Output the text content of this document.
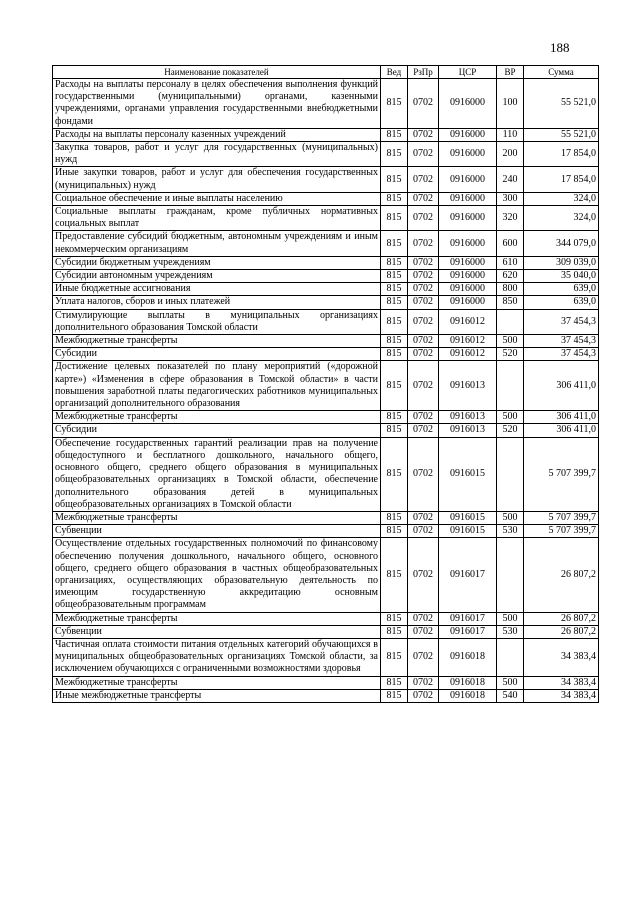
188
Наименование показателей	Вед	РзПр	ЦСР	ВР	Сумма
Расходы на выплаты персоналу в целях обеспечения выполнения функций государственными (муниципальными) органами, казенными учреждениями, органами управления государственными внебюджетными фондами	815	0702	0916000	100	55 521,0
Расходы на выплаты персоналу казенных учреждений	815	0702	0916000	110	55 521,0
Закупка товаров, работ и услуг для государственных (муниципальных) нужд	815	0702	0916000	200	17 854,0
Иные закупки товаров, работ и услуг для обеспечения государственных (муниципальных) нужд	815	0702	0916000	240	17 854,0
Социальное обеспечение и иные выплаты населению	815	0702	0916000	300	324,0
Социальные выплаты гражданам, кроме публичных нормативных социальных выплат	815	0702	0916000	320	324,0
Предоставление субсидий бюджетным, автономным учреждениям и иным некоммерческим организациям	815	0702	0916000	600	344 079,0
Субсидии бюджетным учреждениям	815	0702	0916000	610	309 039,0
Субсидии автономным учреждениям	815	0702	0916000	620	35 040,0
Иные бюджетные ассигнования	815	0702	0916000	800	639,0
Уплата налогов, сборов и иных платежей	815	0702	0916000	850	639,0
Стимулирующие выплаты в муниципальных организациях дополнительного образования Томской области	815	0702	0916012		37 454,3
Межбюджетные трансферты	815	0702	0916012	500	37 454,3
Субсидии	815	0702	0916012	520	37 454,3
Достижение целевых показателей по плану мероприятий («дорожной карте») «Изменения в сфере образования в Томской области» в части повышения заработной платы педагогических работников муниципальных организаций дополнительного образования	815	0702	0916013		306 411,0
Межбюджетные трансферты	815	0702	0916013	500	306 411,0
Субсидии	815	0702	0916013	520	306 411,0
Обеспечение государственных гарантий реализации прав на получение общедоступного и бесплатного дошкольного, начального общего, основного общего, среднего общего образования в муниципальных общеобразовательных организациях в Томской области, обеспечение дополнительного образования детей в муниципальных общеобразовательных организациях в Томской области	815	0702	0916015		5 707 399,7
Межбюджетные трансферты	815	0702	0916015	500	5 707 399,7
Субвенции	815	0702	0916015	530	5 707 399,7
Осуществление отдельных государственных полномочий по финансовому обеспечению получения дошкольного, начального общего, основного общего, среднего общего образования в частных общеобразовательных организациях, осуществляющих образовательную деятельность по имеющим государственную аккредитацию основным общеобразовательным программам	815	0702	0916017		26 807,2
Межбюджетные трансферты	815	0702	0916017	500	26 807,2
Субвенции	815	0702	0916017	530	26 807,2
Частичная оплата стоимости питания отдельных категорий обучающихся в муниципальных общеобразовательных организациях Томской области, за исключением обучающихся с ограниченными возможностями здоровья	815	0702	0916018		34 383,4
Межбюджетные трансферты	815	0702	0916018	500	34 383,4
Иные межбюджетные трансферты	815	0702	0916018	540	34 383,4
